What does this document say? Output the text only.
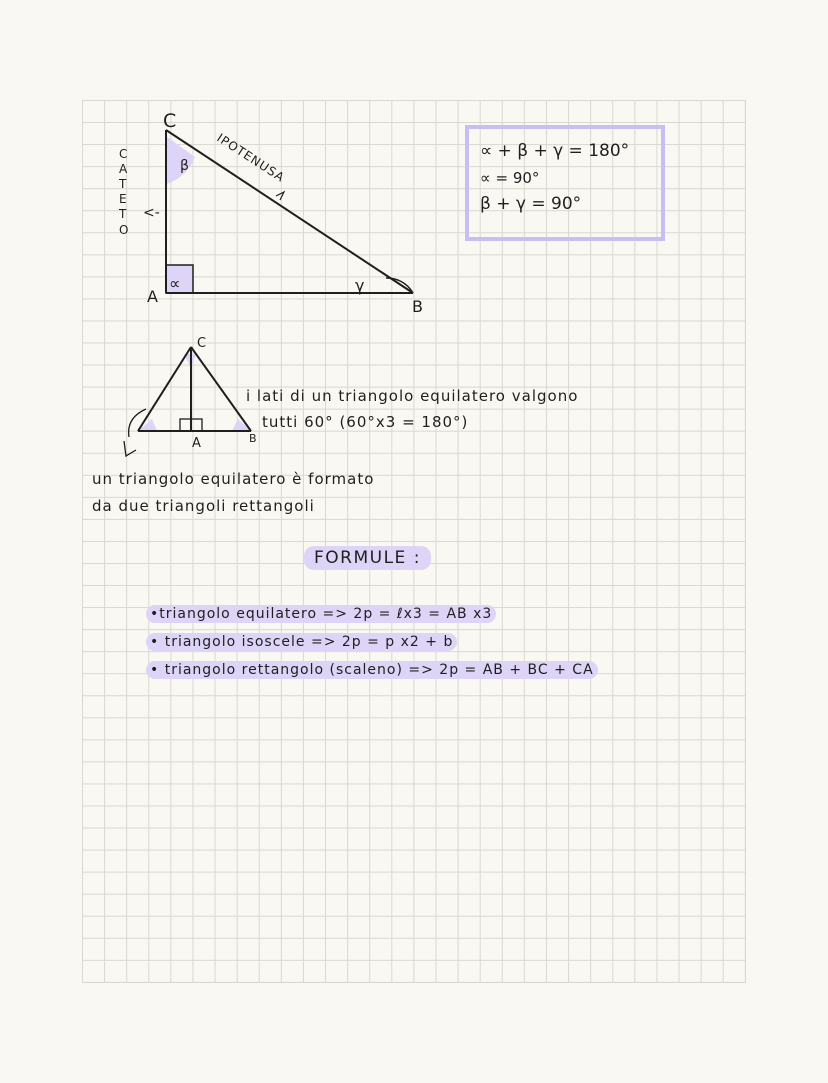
C
A
B
β
∝	γ
C
A
T
E
T
O
<-
IPOTENUSA	∝ + β + γ = 180°
∝ = 90°
β + γ = 90°
C
A	B
i lati di un triangolo equilatero valgono
tutti 60° (60°x3 = 180°)
un triangolo equilatero è formato
da due triangoli rettangoli
FORMULE :
•triangolo equilatero => 2p = ℓx3 = AB x3
• triangolo isoscele => 2p = p x2 + b
• triangolo rettangolo (scaleno) => 2p = AB + BC + CA
